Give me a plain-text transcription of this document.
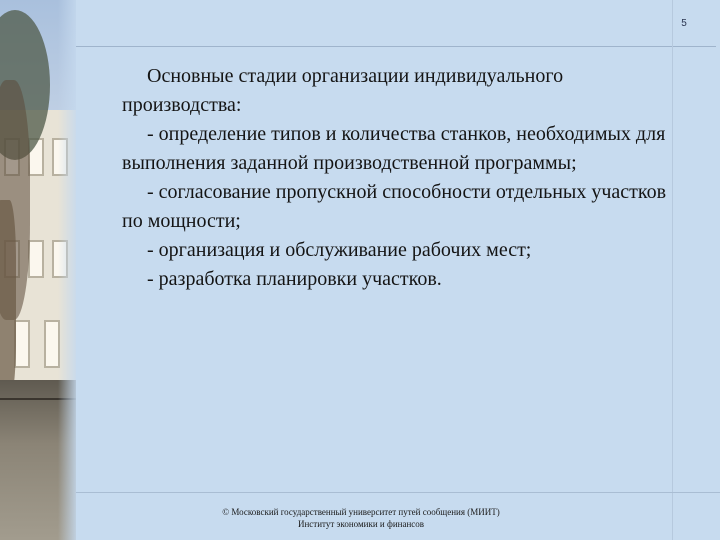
5

Основные стадии организации индивидуального производства:

- определение типов и количества станков, необходимых для выполнения заданной производственной программы;

- согласование пропускной способности отдельных участков по мощности;

- организация и обслуживание рабочих мест;

- разработка планировки участков.

© Московский государственный университет путей сообщения (МИИТ)
Институт экономики и финансов
